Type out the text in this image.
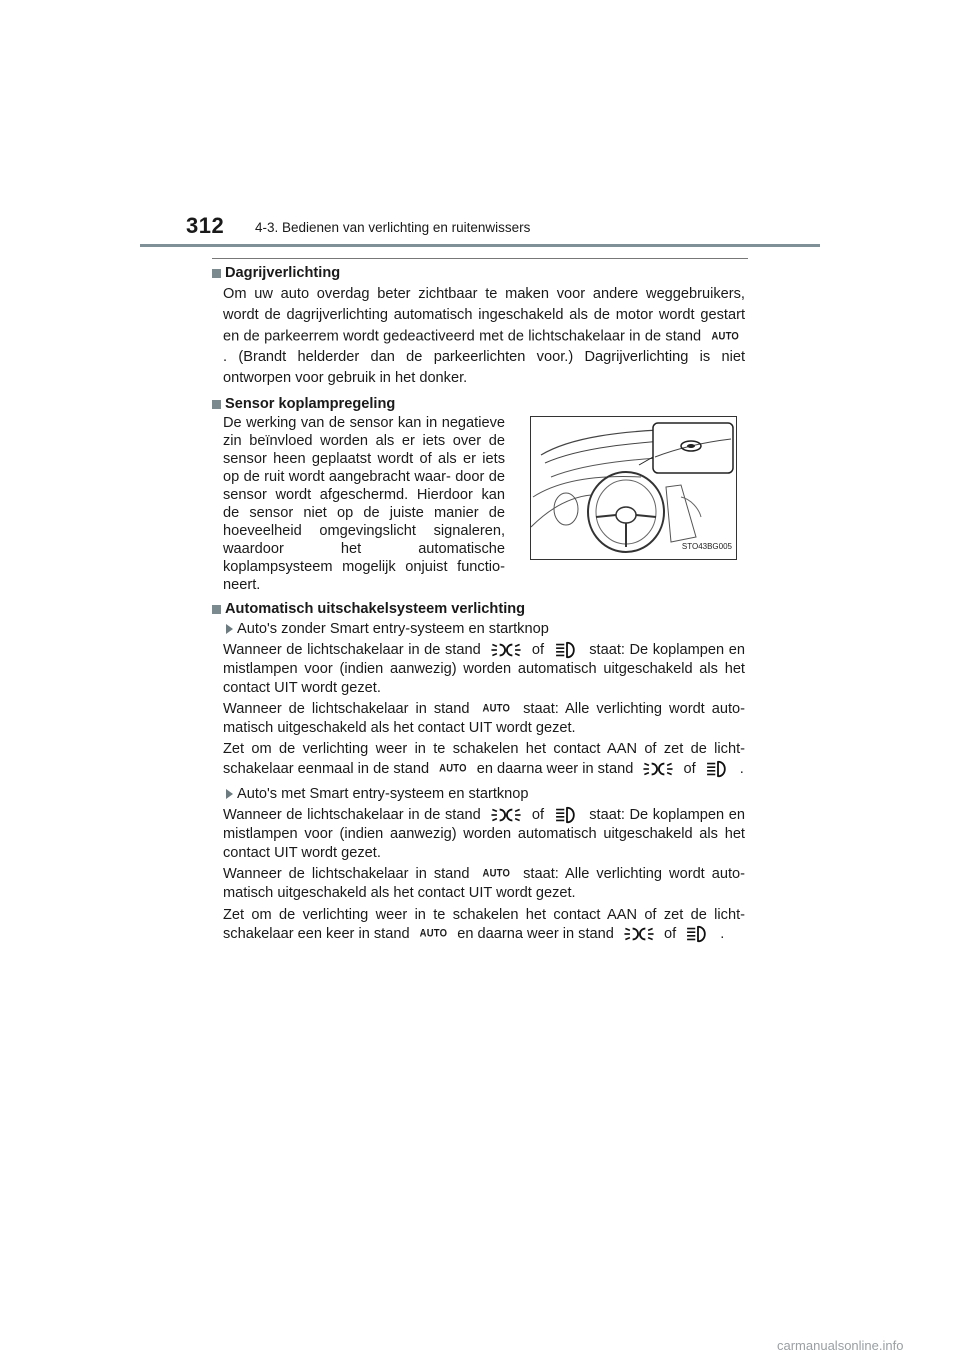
312 4-3. Bedienen van verlichting en ruitenwissers
Dagrijverlichting

Om uw auto overdag beter zichtbaar te maken voor andere weggebruikers, wordt de dagrijverlichting automatisch ingeschakeld als de motor wordt gestart en de parkeerrem wordt gedeactiveerd met de lichtschakelaar in de stand AUTO . (Brandt helderder dan de parkeerlichten voor.) Dagrijverlichting is niet ontworpen voor gebruik in het donker.

Sensor koplampregeling

De werking van de sensor kan in negatieve zin beïnvloed worden als er iets over de sensor heen geplaatst wordt of als er iets op de ruit wordt aangebracht waar- door de sensor wordt afgeschermd. Hierdoor kan de sensor niet op de juiste manier de hoeveelheid omgevingslicht signaleren, waardoor het automatische koplampsysteem mogelijk onjuist functio- neert.

STO43BG005
Automatisch uitschakelsysteem verlichting
Auto's zonder Smart entry-systeem en startknop

Wanneer de lichtschakelaar in de stand	of	staat: De koplampen en mistlampen voor (indien aanwezig) worden automatisch uitgeschakeld als het contact UIT wordt gezet.

Wanneer de lichtschakelaar in stand AUTO staat: Alle verlichting wordt auto- matisch uitgeschakeld als het contact UIT wordt gezet.

Zet om de verlichting weer in te schakelen het contact AAN of zet de licht- schakelaar eenmaal in de stand AUTO en daarna weer in stand	of	.

Auto's met Smart entry-systeem en startknop

Wanneer de lichtschakelaar in de stand	of	staat: De koplampen en mistlampen voor (indien aanwezig) worden automatisch uitgeschakeld als het contact UIT wordt gezet.

Wanneer de lichtschakelaar in stand AUTO staat: Alle verlichting wordt auto- matisch uitgeschakeld als het contact UIT wordt gezet.

Zet om de verlichting weer in te schakelen het contact AAN of zet de licht- schakelaar een keer in stand AUTO en daarna weer in stand	of	.

carmanualsonline.info
